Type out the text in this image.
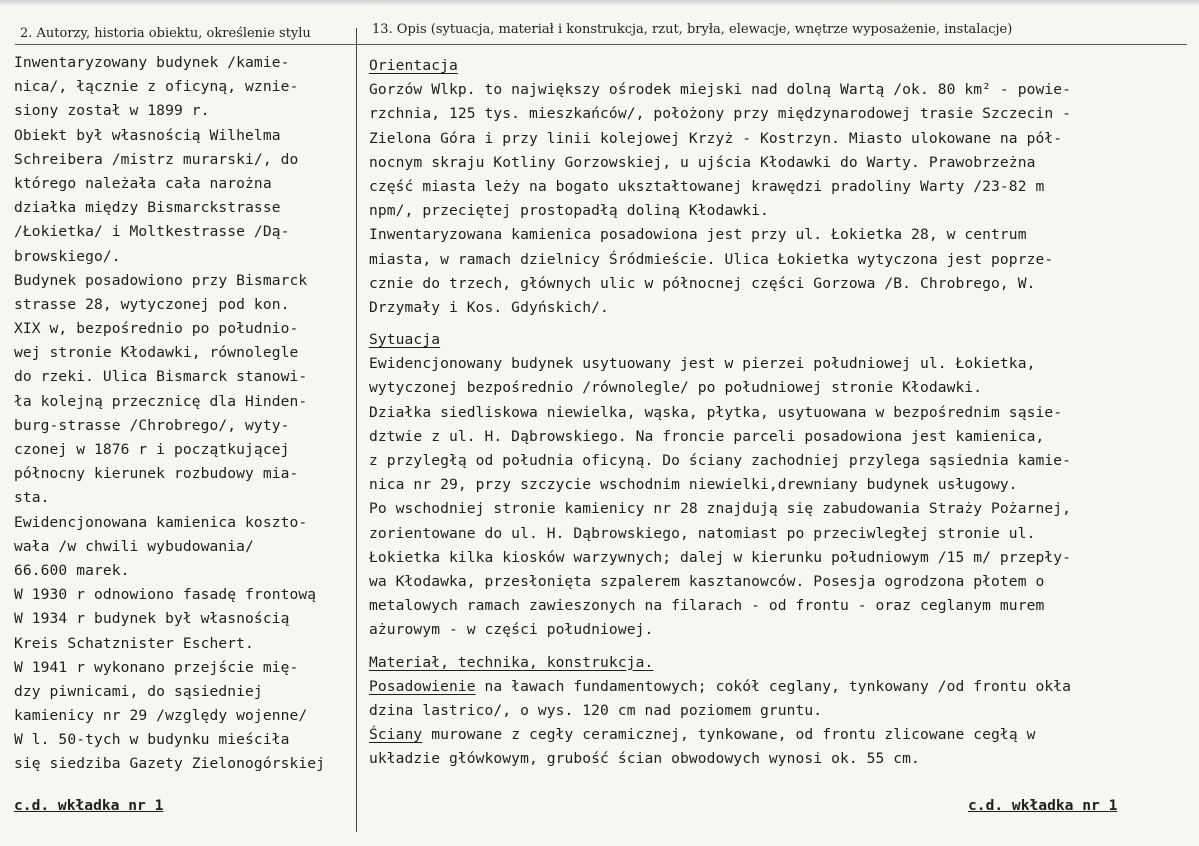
2. Autorzy, historia obiektu, określenie stylu	13. Opis (sytuacja, materiał i konstrukcja, rzut, bryła, elewacje, wnętrze wyposażenie, instalacje)
Inwentaryzowany budynek /kamie-
nica/, łącznie z oficyną, wznie-
siony został w 1899 r.
Obiekt był własnością Wilhelma
Schreibera /mistrz murarski/, do
którego należała cała narożna
działka między Bismarckstrasse
/Łokietka/ i Moltkestrasse /Dą-
browskiego/.
Budynek posadowiono przy Bismarck
strasse 28, wytyczonej pod kon.
XIX w, bezpośrednio po południo-
wej stronie Kłodawki, równolegle
do rzeki. Ulica Bismarck stanowi-
ła kolejną przecznicę dla Hinden-
burg-strasse /Chrobrego/, wyty-
czonej w 1876 r i początkującej
północny kierunek rozbudowy mia-
sta.
Ewidencjonowana kamienica koszto-
wała /w chwili wybudowania/
66.600 marek.
W 1930 r odnowiono fasadę frontową
W 1934 r budynek był własnością
Kreis Schatznister Eschert.
W 1941 r wykonano przejście mię-
dzy piwnicami, do sąsiedniej
kamienicy nr 29 /względy wojenne/
W l. 50-tych w budynku mieściła
się siedziba Gazety Zielonogórskiej
Orientacja
Gorzów Wlkp. to największy ośrodek miejski nad dolną Wartą /ok. 80 km² - powie-
rzchnia, 125 tys. mieszkańców/, położony przy międzynarodowej trasie Szczecin -
Zielona Góra i przy linii kolejowej Krzyż - Kostrzyn. Miasto ulokowane na pół-
nocnym skraju Kotliny Gorzowskiej, u ujścia Kłodawki do Warty. Prawobrzeżna
część miasta leży na bogato ukształtowanej krawędzi pradoliny Warty /23-82 m
npm/, przeciętej prostopadłą doliną Kłodawki.
Inwentaryzowana kamienica posadowiona jest przy ul. Łokietka 28, w centrum
miasta, w ramach dzielnicy Śródmieście. Ulica Łokietka wytyczona jest poprze-
cznie do trzech, głównych ulic w północnej części Gorzowa /B. Chrobrego, W.
Drzymały i Kos. Gdyńskich/.
Sytuacja
Ewidencjonowany budynek usytuowany jest w pierzei południowej ul. Łokietka,
wytyczonej bezpośrednio /równolegle/ po południowej stronie Kłodawki.
Działka siedliskowa niewielka, wąska, płytka, usytuowana w bezpośrednim sąsie-
dztwie z ul. H. Dąbrowskiego. Na froncie parceli posadowiona jest kamienica,
z przyległą od południa oficyną. Do ściany zachodniej przylega sąsiednia kamie-
nica nr 29, przy szczycie wschodnim niewielki,drewniany budynek usługowy.
Po wschodniej stronie kamienicy nr 28 znajdują się zabudowania Straży Pożarnej,
zorientowane do ul. H. Dąbrowskiego, natomiast po przeciwległej stronie ul.
Łokietka kilka kiosków warzywnych; dalej w kierunku południowym /15 m/ przepły-
wa Kłodawka, przesłonięta szpalerem kasztanowców. Posesja ogrodzona płotem o
metalowych ramach zawieszonych na filarach - od frontu - oraz ceglanym murem
ażurowym - w części południowej.
Materiał, technika, konstrukcja.
Posadowienie na ławach fundamentowych; cokół ceglany, tynkowany /od frontu okła
dzina lastrico/, o wys. 120 cm nad poziomem gruntu.
Ściany murowane z cegły ceramicznej, tynkowane, od frontu zlicowane cegłą w
układzie główkowym, grubość ścian obwodowych wynosi ok. 55 cm.
c.d. wkładka nr 1	c.d. wkładka nr 1
